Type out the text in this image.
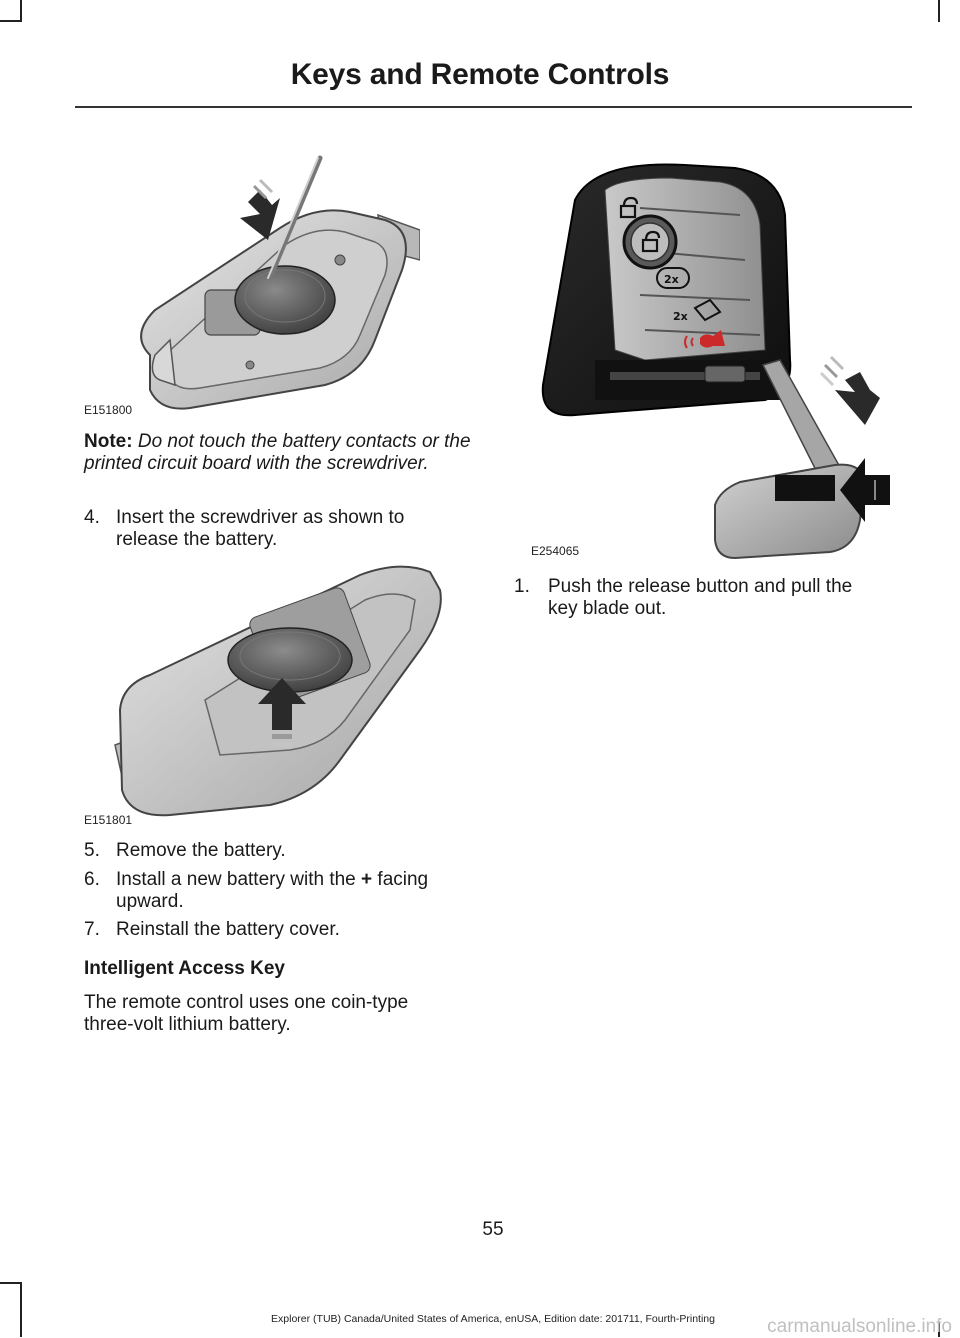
Keys and Remote Controls
E151800
Note: Do not touch the battery contacts or the printed circuit board with the screwdriver.
4. Insert the screwdriver as shown to
release the battery.
E151801
5. Remove the battery.
6. Install a new battery with the + facing
upward.
7. Reinstall the battery cover.
Intelligent Access Key
The remote control uses one coin-type
three-volt lithium battery.
2x
2x
E254065
1. Push the release button and pull the
key blade out.
55
Explorer (TUB) Canada/United States of America, enUSA, Edition date: 201711, Fourth-Printing	carmanualsonline.info
